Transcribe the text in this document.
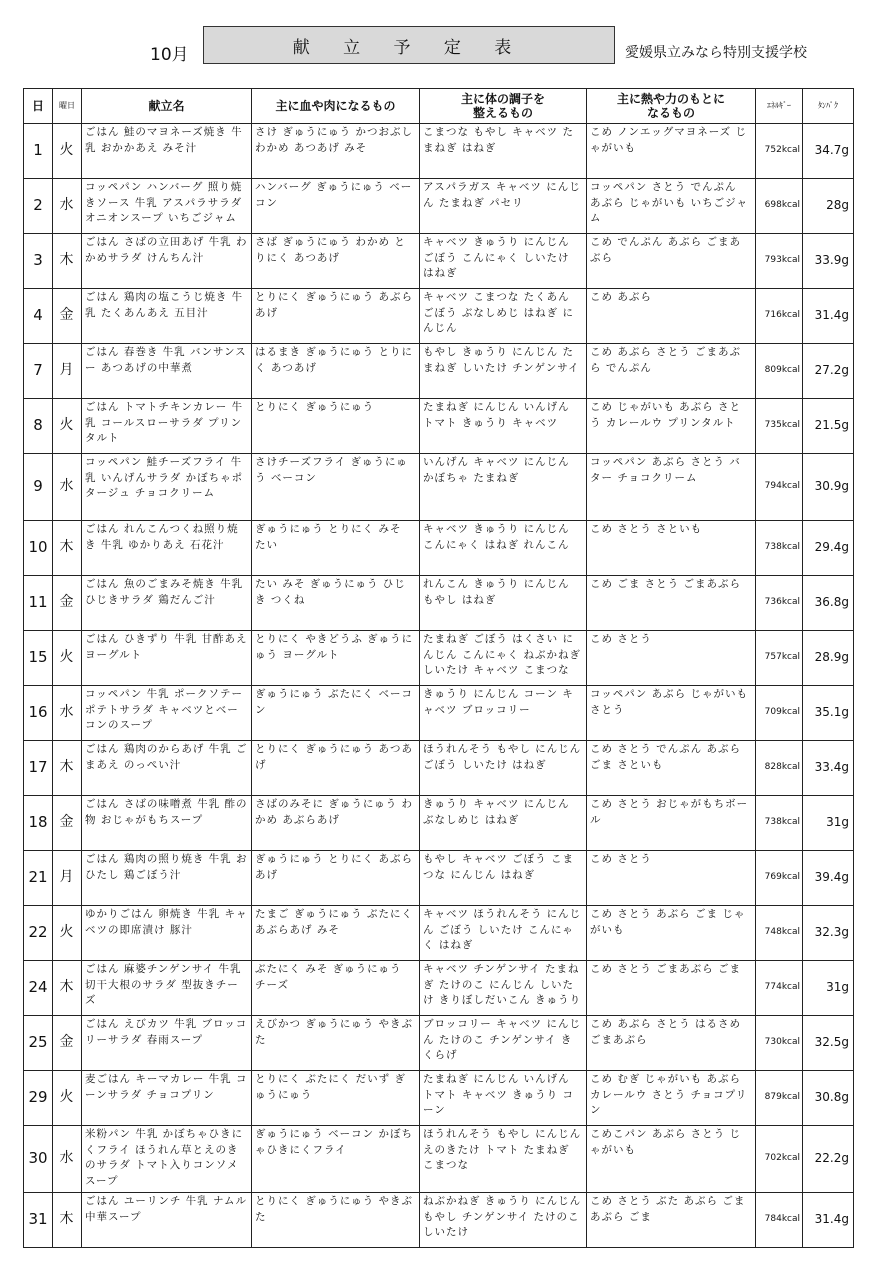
10月	献 立 予 定 表	愛媛県立みなら特別支援学校
日	曜日	献立名	主に血や肉になるもの	主に体の調子を
整えるもの	主に熱や力のもとに
なるもの	ｴﾈﾙｷﾞｰ	ﾀﾝﾊﾟｸ
1	火	ごはん 鮭のマヨネーズ焼き 牛乳 おかかあえ みそ汁	さけ ぎゅうにゅう かつおぶし わかめ あつあげ みそ	こまつな もやし キャベツ たまねぎ はねぎ	こめ ノンエッグマヨネーズ じゃがいも	752kcal	34.7g
2	水	コッペパン ハンバーグ 照り焼きソース 牛乳 アスパラサラダ オニオンスープ いちごジャム	ハンバーグ ぎゅうにゅう ベーコン	アスパラガス キャベツ にんじん たまねぎ パセリ	コッペパン さとう でんぷん あぶら じゃがいも いちごジャム	698kcal	28g
3	木	ごはん さばの立田あげ 牛乳 わかめサラダ けんちん汁	さば ぎゅうにゅう わかめ とりにく あつあげ	キャベツ きゅうり にんじん ごぼう こんにゃく しいたけ はねぎ	こめ でんぷん あぶら ごまあぶら	793kcal	33.9g
4	金	ごはん 鶏肉の塩こうじ焼き 牛乳 たくあんあえ 五目汁	とりにく ぎゅうにゅう あぶらあげ	キャベツ こまつな たくあん ごぼう ぶなしめじ はねぎ にんじん	こめ あぶら	716kcal	31.4g
7	月	ごはん 春巻き 牛乳 バンサンスー あつあげの中華煮	はるまき ぎゅうにゅう とりにく あつあげ	もやし きゅうり にんじん たまねぎ しいたけ チンゲンサイ	こめ あぶら さとう ごまあぶら でんぷん	809kcal	27.2g
8	火	ごはん トマトチキンカレー 牛乳 コールスローサラダ プリンタルト	とりにく ぎゅうにゅう	たまねぎ にんじん いんげん トマト きゅうり キャベツ	こめ じゃがいも あぶら さとう カレールウ プリンタルト	735kcal	21.5g
9	水	コッペパン 鮭チーズフライ 牛乳 いんげんサラダ かぼちゃポタージュ チョコクリーム	さけチーズフライ ぎゅうにゅう ベーコン	いんげん キャベツ にんじん かぼちゃ たまねぎ	コッペパン あぶら さとう バター チョコクリーム	794kcal	30.9g
10	木	ごはん れんこんつくね照り焼き 牛乳 ゆかりあえ 石花汁	ぎゅうにゅう とりにく みそ たい	キャベツ きゅうり にんじん こんにゃく はねぎ れんこん	こめ さとう さといも	738kcal	29.4g
11	金	ごはん 魚のごまみそ焼き 牛乳 ひじきサラダ 鶏だんご汁	たい みそ ぎゅうにゅう ひじき つくね	れんこん きゅうり にんじん もやし はねぎ	こめ ごま さとう ごまあぶら	736kcal	36.8g
15	火	ごはん ひきずり 牛乳 甘酢あえ ヨーグルト	とりにく やきどうふ ぎゅうにゅう ヨーグルト	たまねぎ ごぼう はくさい にんじん こんにゃく ねぶかねぎ しいたけ キャベツ こまつな	こめ さとう	757kcal	28.9g
16	水	コッペパン 牛乳 ポークソテー ポテトサラダ キャベツとベーコンのスープ	ぎゅうにゅう ぶたにく ベーコン	きゅうり にんじん コーン キャベツ ブロッコリー	コッペパン あぶら じゃがいも さとう	709kcal	35.1g
17	木	ごはん 鶏肉のからあげ 牛乳 ごまあえ のっぺい汁	とりにく ぎゅうにゅう あつあげ	ほうれんそう もやし にんじん ごぼう しいたけ はねぎ	こめ さとう でんぷん あぶら ごま さといも	828kcal	33.4g
18	金	ごはん さばの味噌煮 牛乳 酢の物 おじゃがもちスープ	さばのみそに ぎゅうにゅう わかめ あぶらあげ	きゅうり キャベツ にんじん ぶなしめじ はねぎ	こめ さとう おじゃがもちボール	738kcal	31g
21	月	ごはん 鶏肉の照り焼き 牛乳 おひたし 鶏ごぼう汁	ぎゅうにゅう とりにく あぶらあげ	もやし キャベツ ごぼう こまつな にんじん はねぎ	こめ さとう	769kcal	39.4g
22	火	ゆかりごはん 卵焼き 牛乳 キャベツの即席漬け 豚汁	たまご ぎゅうにゅう ぶたにく あぶらあげ みそ	キャベツ ほうれんそう にんじん ごぼう しいたけ こんにゃく はねぎ	こめ さとう あぶら ごま じゃがいも	748kcal	32.3g
24	木	ごはん 麻婆チンゲンサイ 牛乳 切干大根のサラダ 型抜きチーズ	ぶたにく みそ ぎゅうにゅう チーズ	キャベツ チンゲンサイ たまねぎ たけのこ にんじん しいたけ きりぼしだいこん きゅうり	こめ さとう ごまあぶら ごま	774kcal	31g
25	金	ごはん えびカツ 牛乳 ブロッコリーサラダ 春雨スープ	えびかつ ぎゅうにゅう やきぶた	ブロッコリー キャベツ にんじん たけのこ チンゲンサイ きくらげ	こめ あぶら さとう はるさめ ごまあぶら	730kcal	32.5g
29	火	麦ごはん キーマカレー 牛乳 コーンサラダ チョコプリン	とりにく ぶたにく だいず ぎゅうにゅう	たまねぎ にんじん いんげん トマト キャベツ きゅうり コーン	こめ むぎ じゃがいも あぶら カレールウ さとう チョコプリン	879kcal	30.8g
30	水	米粉パン 牛乳 かぼちゃひきにくフライ ほうれん草とえのきのサラダ トマト入りコンソメスープ	ぎゅうにゅう ベーコン かぼちゃひきにくフライ	ほうれんそう もやし にんじん えのきたけ トマト たまねぎ こまつな	こめこパン あぶら さとう じゃがいも	702kcal	22.2g
31	木	ごはん ユーリンチ 牛乳 ナムル 中華スープ	とりにく ぎゅうにゅう やきぶた	ねぶかねぎ きゅうり にんじん もやし チンゲンサイ たけのこ しいたけ	こめ さとう ぶた あぶら ごまあぶら ごま	784kcal	31.4g
